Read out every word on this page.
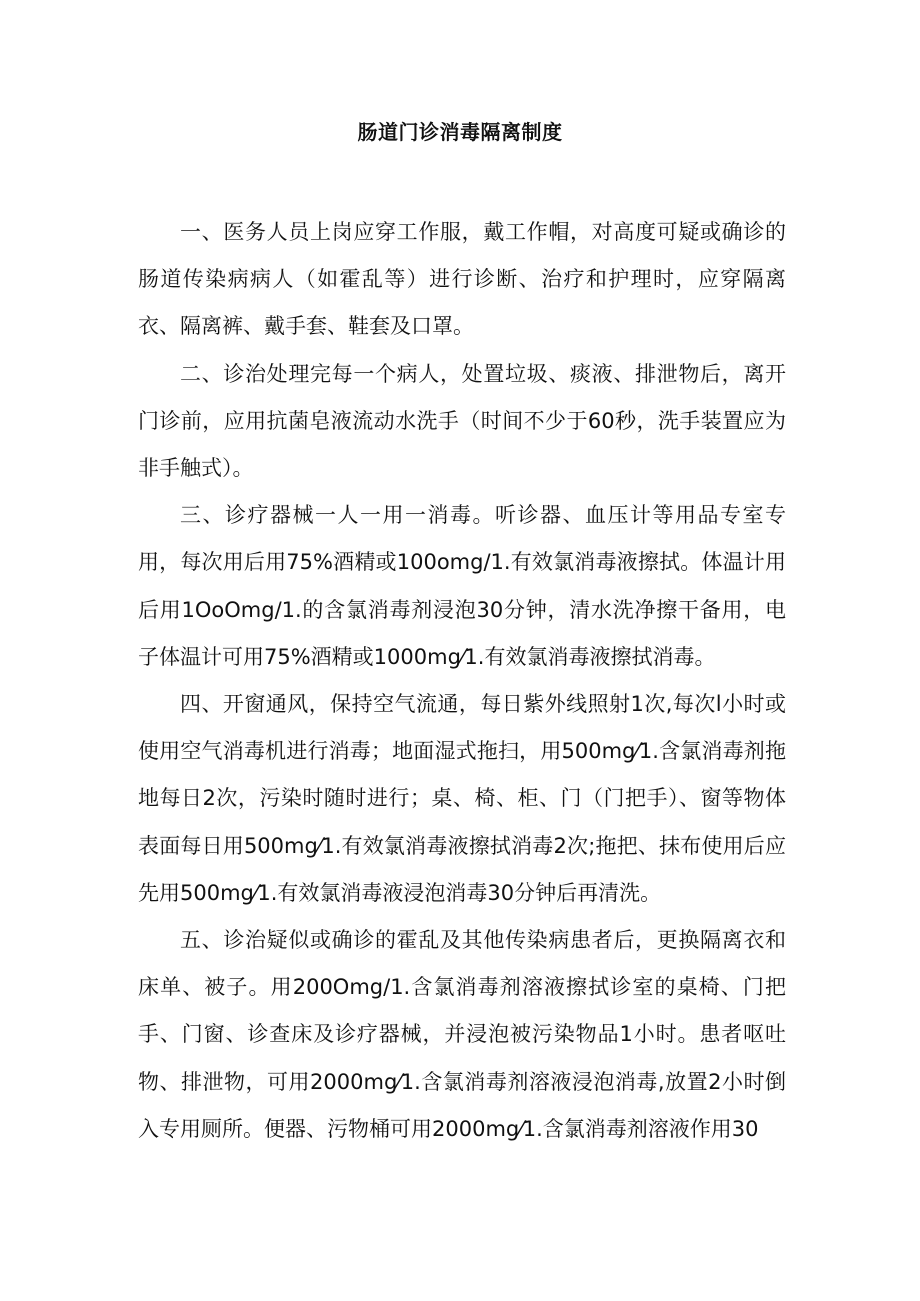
肠道门诊消毒隔离制度

一、医务人员上岗应穿工作服，戴工作帽，对高度可疑或确诊的肠道传染病病人（如霍乱等）进行诊断、治疗和护理时，应穿隔离衣、隔离裤、戴手套、鞋套及口罩。

二、诊治处理完每一个病人，处置垃圾、痰液、排泄物后，离开门诊前，应用抗菌皂液流动水洗手（时间不少于60秒，洗手装置应为非手触式）。

三、诊疗器械一人一用一消毒。听诊器、血压计等用品专室专用，每次用后用75%酒精或100omg/1.有效氯消毒液擦拭。体温计用后用1OoOmg/1.的含氯消毒剂浸泡30分钟，清水洗净擦干备用，电子体温计可用75%酒精或1000mg⁄1.有效氯消毒液擦拭消毒。

四、开窗通风，保持空气流通，每日紫外线照射1次,每次l小时或使用空气消毒机进行消毒；地面湿式拖扫，用500mg⁄1.含氯消毒剂拖地每日2次，污染时随时进行；桌、椅、柜、门（门把手）、窗等物体表面每日用500mg⁄1.有效氯消毒液擦拭消毒2次;拖把、抹布使用后应先用500mg⁄1.有效氯消毒液浸泡消毒30分钟后再清洗。

五、诊治疑似或确诊的霍乱及其他传染病患者后，更换隔离衣和床单、被子。用200Omg/1.含氯消毒剂溶液擦拭诊室的桌椅、门把手、门窗、诊查床及诊疗器械，并浸泡被污染物品1小时。患者呕吐物、排泄物，可用2000mg⁄1.含氯消毒剂溶液浸泡消毒,放置2小时倒入专用厕所。便器、污物桶可用2000mg⁄1.含氯消毒剂溶液作用30
